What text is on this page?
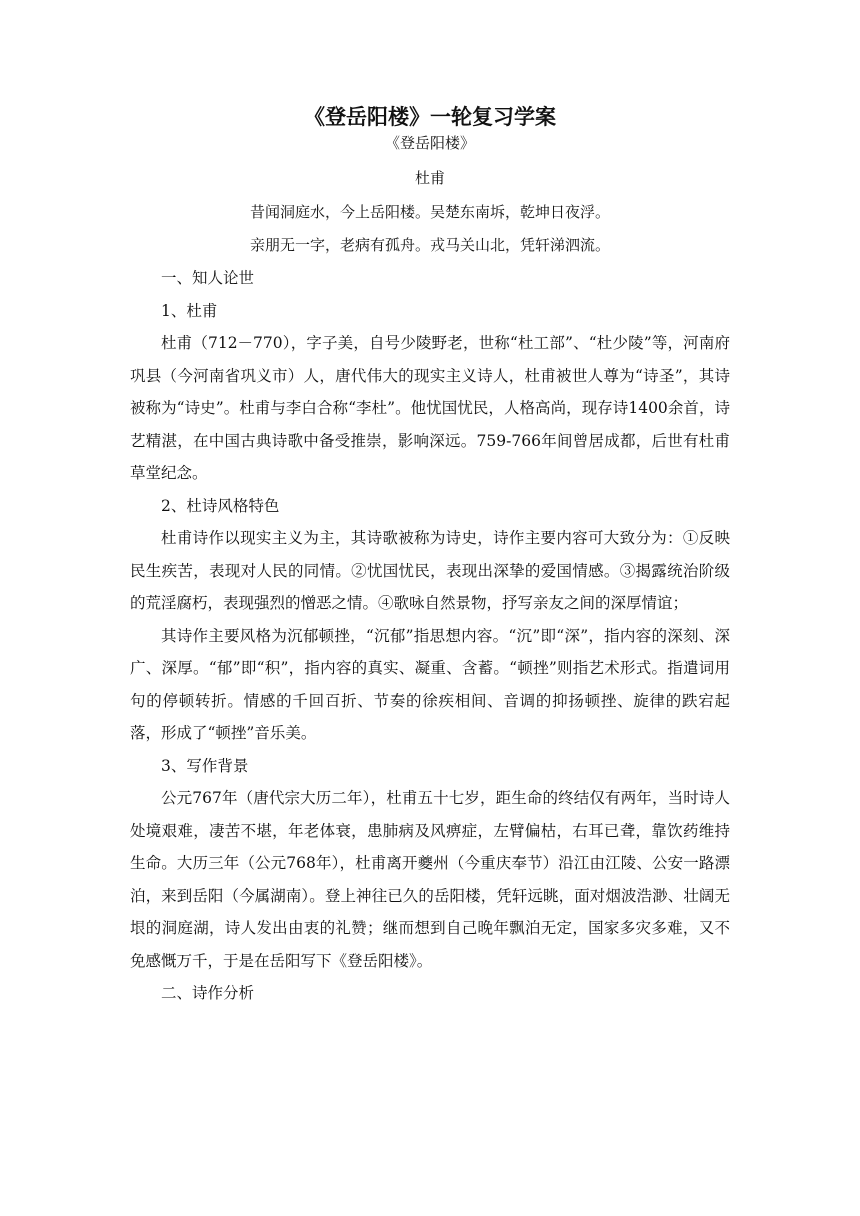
《登岳阳楼》一轮复习学案
《登岳阳楼》
杜甫
昔闻洞庭水，今上岳阳楼。吴楚东南坼，乾坤日夜浮。
亲朋无一字，老病有孤舟。戎马关山北，凭轩涕泗流。

一、知人论世

1、杜甫

杜甫（712－770），字子美，自号少陵野老，世称“杜工部”、“杜少陵”等，河南府巩县（今河南省巩义市）人，唐代伟大的现实主义诗人，杜甫被世人尊为“诗圣”，其诗被称为“诗史”。杜甫与李白合称“李杜”。他忧国忧民，人格高尚，现存诗1400余首，诗艺精湛，在中国古典诗歌中备受推崇，影响深远。759-766年间曾居成都，后世有杜甫草堂纪念。

2、杜诗风格特色

杜甫诗作以现实主义为主，其诗歌被称为诗史，诗作主要内容可大致分为：①反映民生疾苦，表现对人民的同情。②忧国忧民，表现出深挚的爱国情感。③揭露统治阶级的荒淫腐朽，表现强烈的憎恶之情。④歌咏自然景物，抒写亲友之间的深厚情谊；

其诗作主要风格为沉郁顿挫，“沉郁”指思想内容。“沉”即“深”，指内容的深刻、深广、深厚。“郁”即“积”，指内容的真实、凝重、含蓄。“顿挫”则指艺术形式。指遣词用句的停顿转折。情感的千回百折、节奏的徐疾相间、音调的抑扬顿挫、旋律的跌宕起落，形成了“顿挫”音乐美。

3、写作背景

公元767年（唐代宗大历二年），杜甫五十七岁，距生命的终结仅有两年，当时诗人处境艰难，凄苦不堪，年老体衰，患肺病及风痹症，左臂偏枯，右耳已聋，靠饮药维持生命。大历三年（公元768年），杜甫离开夔州（今重庆奉节）沿江由江陵、公安一路漂泊，来到岳阳（今属湖南）。登上神往已久的岳阳楼，凭轩远眺，面对烟波浩渺、壮阔无垠的洞庭湖，诗人发出由衷的礼赞；继而想到自己晚年飘泊无定，国家多灾多难，又不免感慨万千，于是在岳阳写下《登岳阳楼》。

二、诗作分析
